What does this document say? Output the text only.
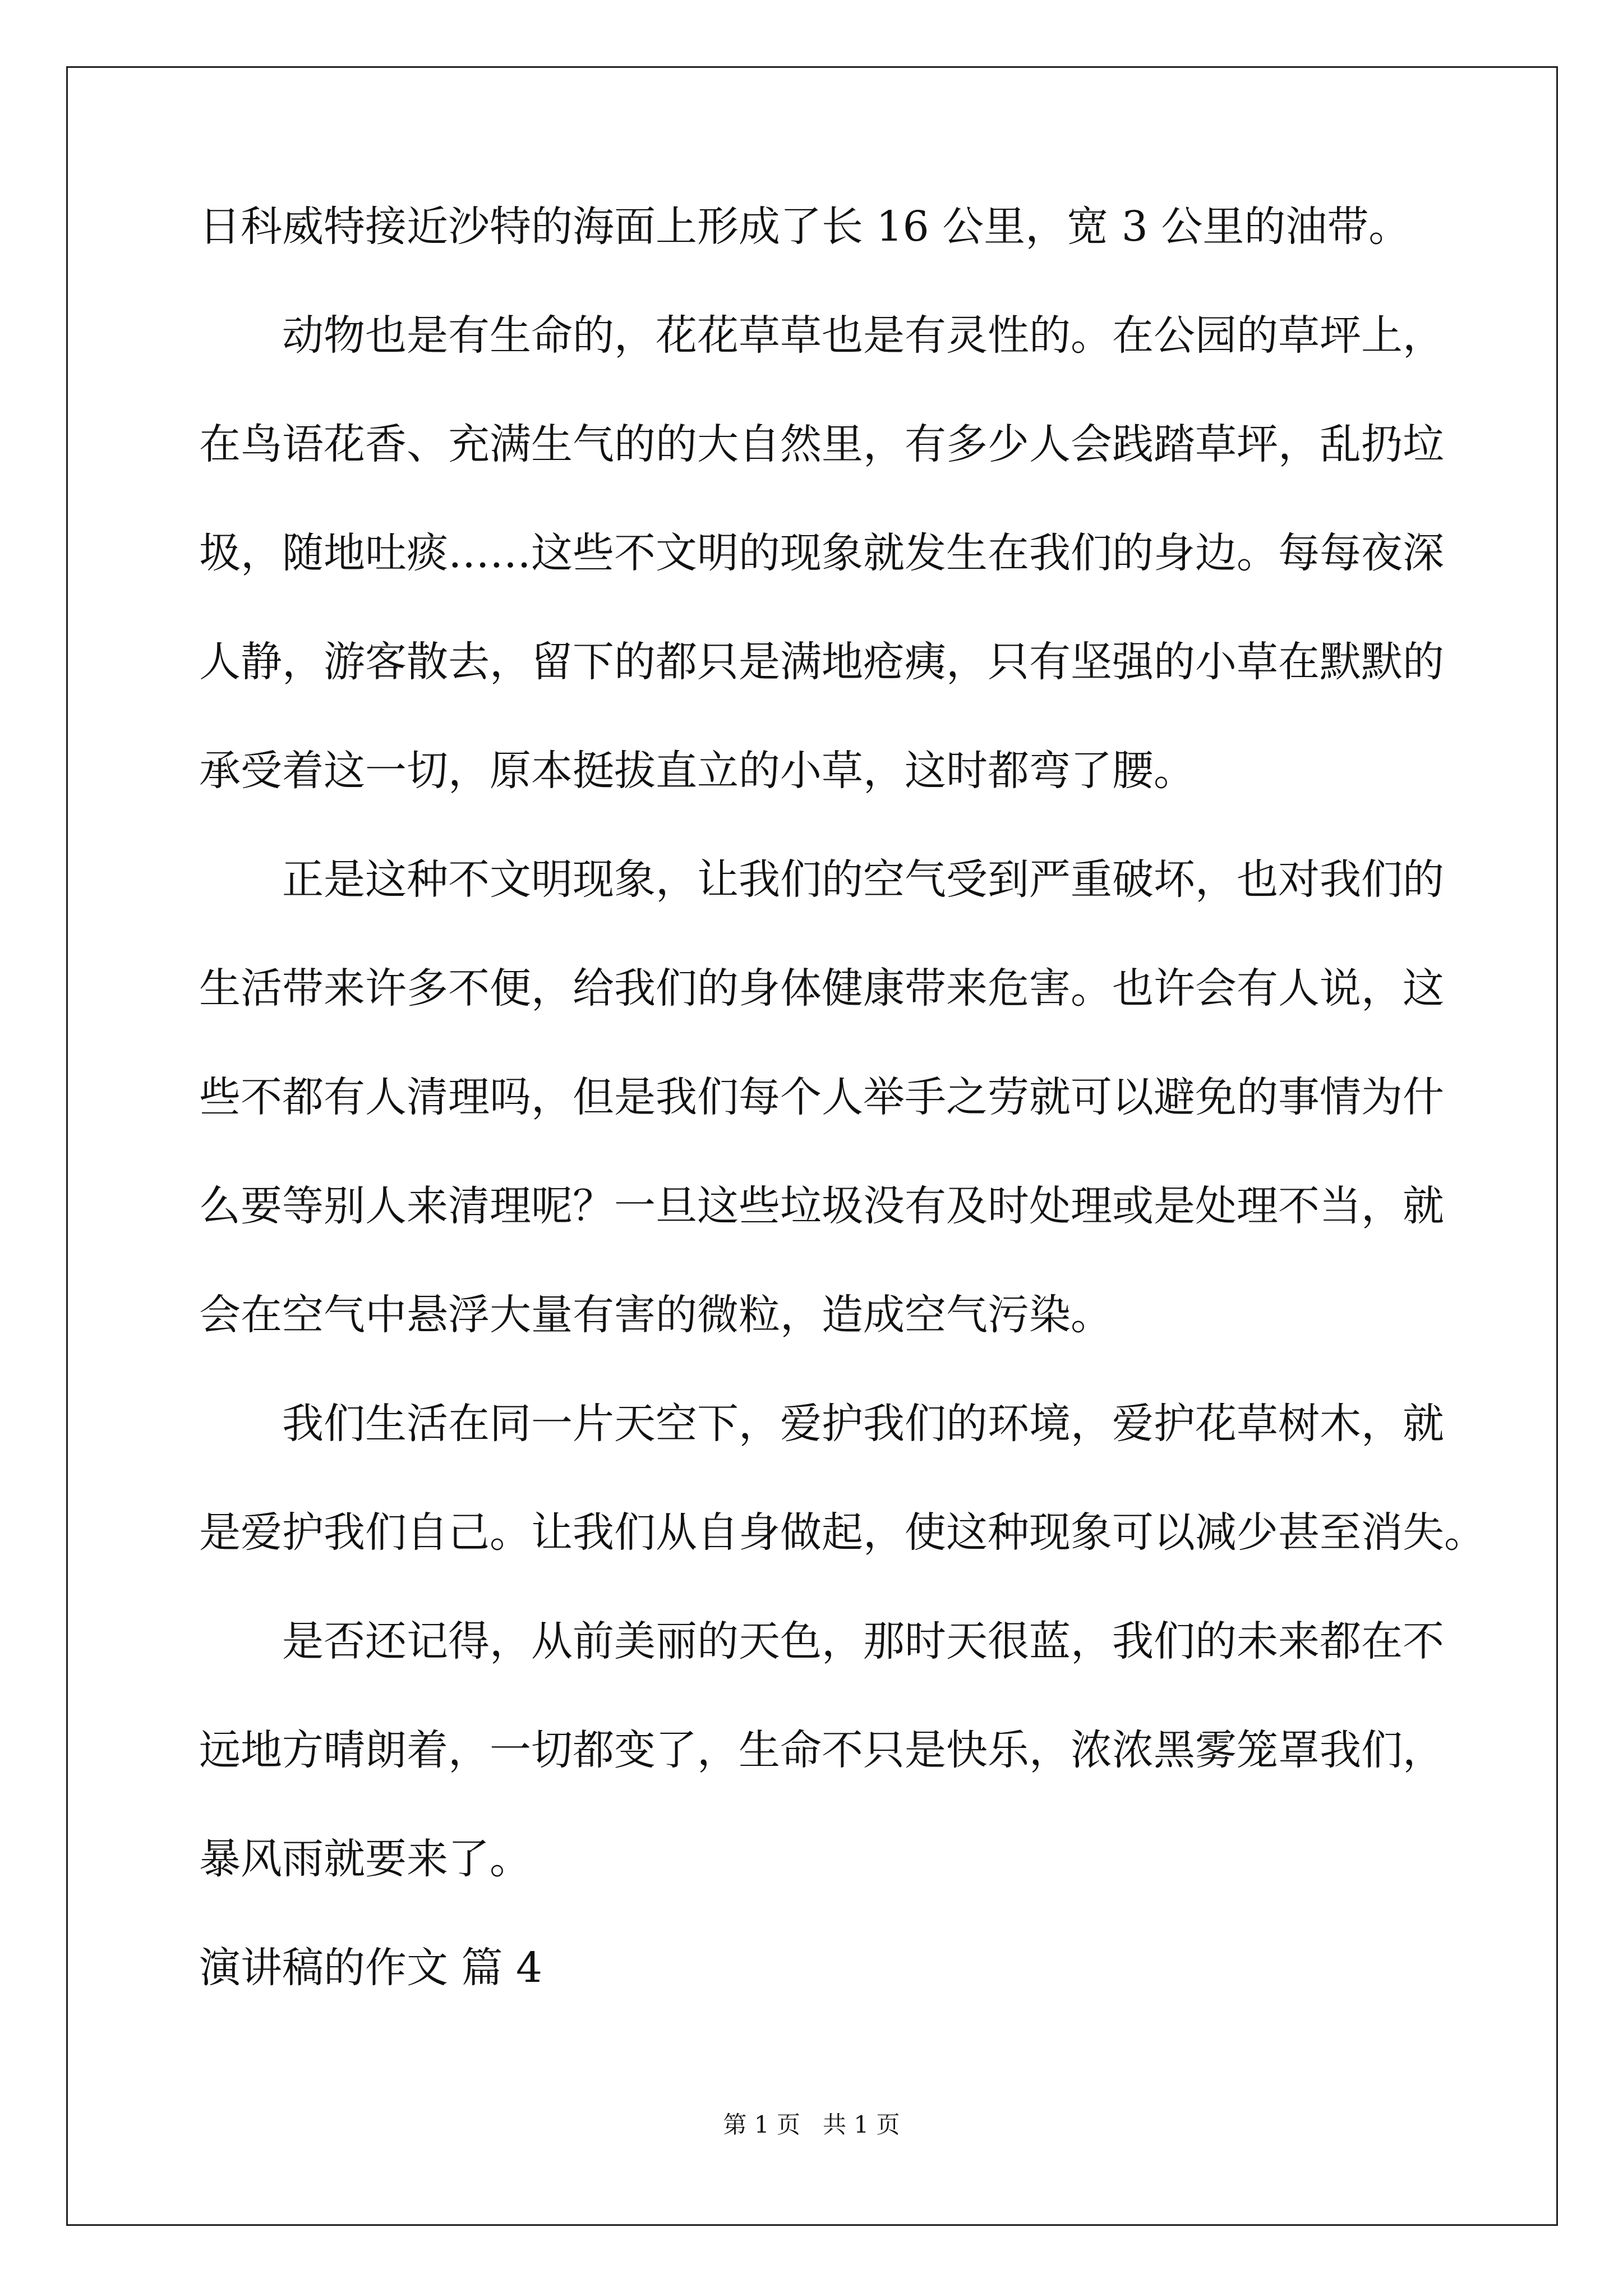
日科威特接近沙特的海面上形成了长 16 公里，宽 3 公里的油带。
动物也是有生命的，花花草草也是有灵性的。在公园的草坪上，
在鸟语花香、充满生气的的大自然里，有多少人会践踏草坪，乱扔垃
圾，随地吐痰……这些不文明的现象就发生在我们的身边。每每夜深
人静，游客散去，留下的都只是满地疮痍，只有坚强的小草在默默的
承受着这一切，原本挺拔直立的小草，这时都弯了腰。
正是这种不文明现象，让我们的空气受到严重破坏，也对我们的
生活带来许多不便，给我们的身体健康带来危害。也许会有人说，这
些不都有人清理吗，但是我们每个人举手之劳就可以避免的事情为什
么要等别人来清理呢？一旦这些垃圾没有及时处理或是处理不当，就
会在空气中悬浮大量有害的微粒，造成空气污染。
我们生活在同一片天空下，爱护我们的环境，爱护花草树木，就
是爱护我们自己。让我们从自身做起，使这种现象可以减少甚至消失。
是否还记得，从前美丽的天色，那时天很蓝，我们的未来都在不
远地方晴朗着，一切都变了，生命不只是快乐，浓浓黑雾笼罩我们，
暴风雨就要来了。
演讲稿的作文 篇 4
第 1 页   共 1 页
